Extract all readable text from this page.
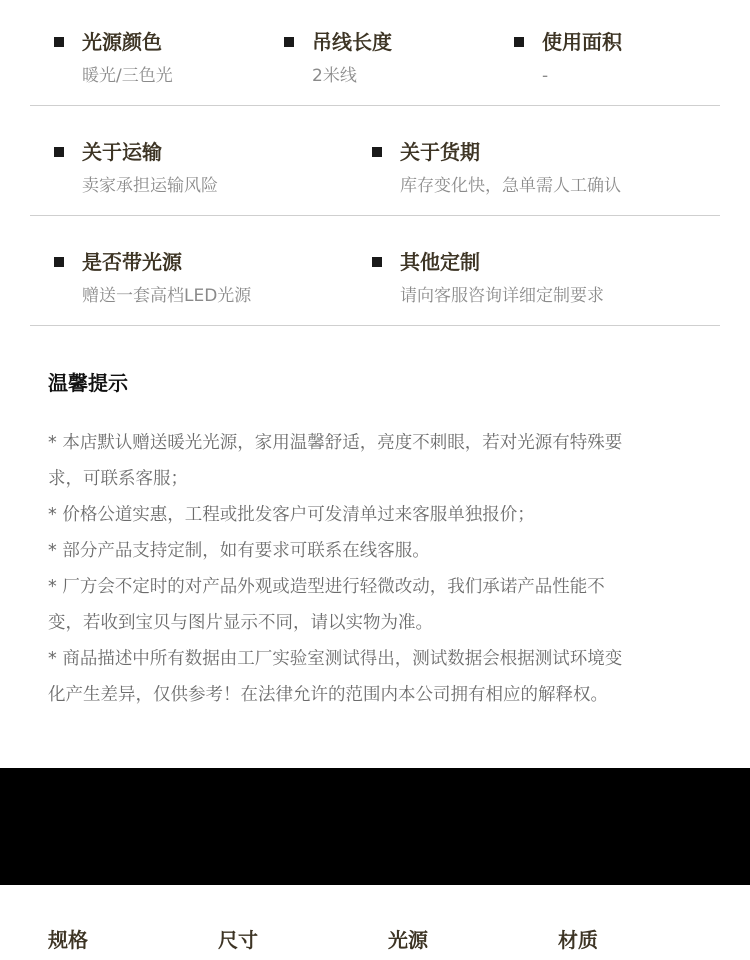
光源颜色
暖光/三色光
吊线长度
2米线
使用面积
-
关于运输
卖家承担运输风险
关于货期
库存变化快，急单需人工确认
是否带光源
赠送一套高档LED光源
其他定制
请向客服咨询详细定制要求
温馨提示
* 本店默认赠送暖光光源，家用温馨舒适，亮度不刺眼，若对光源有特殊要
求，可联系客服；
* 价格公道实惠，工程或批发客户可发清单过来客服单独报价；
* 部分产品支持定制，如有要求可联系在线客服。
* 厂方会不定时的对产品外观或造型进行轻微改动，我们承诺产品性能不
变，若收到宝贝与图片显示不同，请以实物为准。
* 商品描述中所有数据由工厂实验室测试得出，测试数据会根据测试环境变
化产生差异，仅供参考！在法律允许的范围内本公司拥有相应的解释权。
规格	尺寸	光源	材质
